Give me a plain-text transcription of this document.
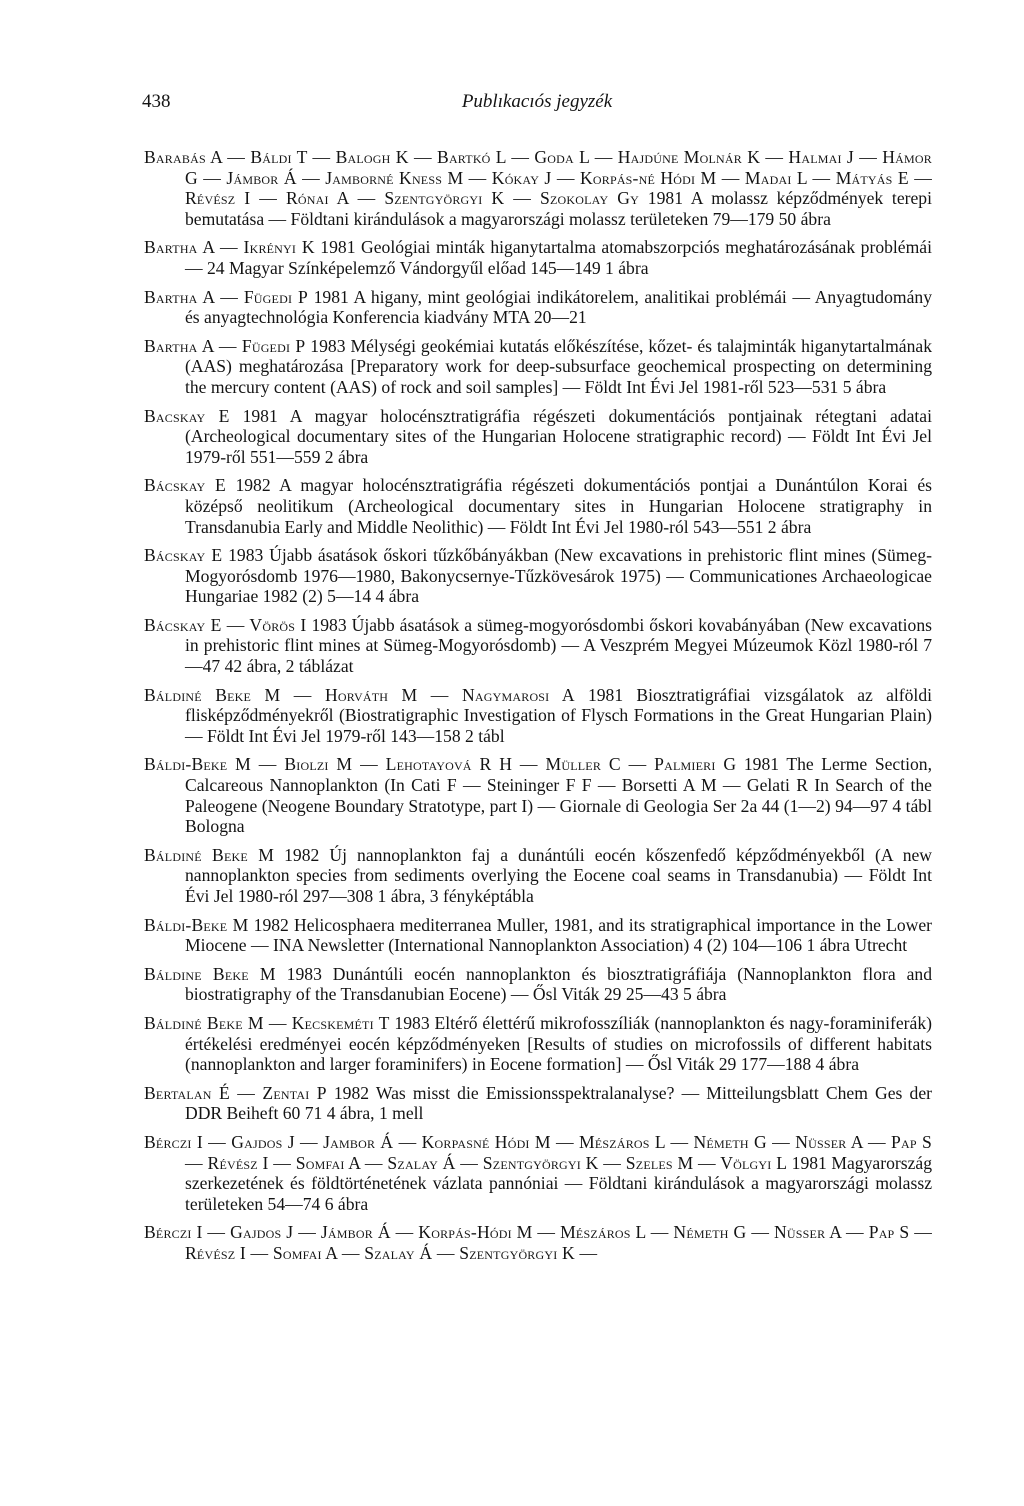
438	Publıkacıós jegyzék

Barabás A — Báldi T — Balogh K — Bartkó L — Goda L — Hajdúne Molnár K — Halmai J — Hámor G — Jámbor Á — Jamborné Kness M — Kókay J — Korpás-né Hódi M — Madai L — Mátyás E — Révész I — Rónai A — Szentgyörgyi K — Szokolay Gy 1981 A molassz képződmények terepi bemutatása — Földtani kirándulások a magyarországi molassz területeken 79—179 50 ábra

Bartha A — Ikrényi K 1981 Geológiai minták higanytartalma atomabszorpciós meghatározásának problémái — 24 Magyar Színképelemző Vándorgyűl előad 145—149 1 ábra

Bartha A — Fügedi P 1981 A higany, mint geológiai indikátorelem, analitikai problémái — Anyagtudomány és anyagtechnológia Konferencia kiadvány MTA 20—21

Bartha A — Fügedi P 1983 Mélységi geokémiai kutatás előkészítése, kőzet- és talajminták higanytartalmának (AAS) meghatározása [Preparatory work for deep-subsurface geochemical prospecting on determining the mercury content (AAS) of rock and soil samples] — Földt Int Évi Jel 1981-ről 523—531 5 ábra

Bacskay E 1981 A magyar holocénsztratigráfia régészeti dokumentációs pontjainak rétegtani adatai (Archeological documentary sites of the Hungarian Holocene stratigraphic record) — Földt Int Évi Jel 1979-ről 551—559 2 ábra

Bácskay E 1982 A magyar holocénsztratigráfia régészeti dokumentációs pontjai a Dunántúlon Korai és középső neolitikum (Archeological documentary sites in Hungarian Holocene stratigraphy in Transdanubia Early and Middle Neolithic) — Földt Int Évi Jel 1980-ról 543—551 2 ábra

Bácskay E 1983 Újabb ásatások őskori tűzkőbányákban (New excavations in prehistoric flint mines (Sümeg-Mogyorósdomb 1976—1980, Bakonycsernye-Tűzkövesárok 1975) — Communicationes Archaeologicae Hungariae 1982 (2) 5—14 4 ábra

Bácskay E — Vörös I 1983 Újabb ásatások a sümeg-mogyorósdombi őskori kovabányában (New excavations in prehistoric flint mines at Sümeg-Mogyorósdomb) — A Veszprém Megyei Múzeumok Közl 1980-ról 7—47 42 ábra, 2 táblázat

Báldiné Beke M — Horváth M — Nagymarosi A 1981 Biosztratigráfiai vizsgálatok az alföldi flisképződményekről (Biostratigraphic Investigation of Flysch Formations in the Great Hungarian Plain) — Földt Int Évi Jel 1979-ről 143—158 2 tábl

Báldi-Beke M — Biolzi M — Lehotayová R H — Müller C — Palmieri G 1981 The Lerme Section, Calcareous Nannoplankton (In Cati F — Steininger F F — Borsetti A M — Gelati R In Search of the Paleogene (Neogene Boundary Stratotype, part I) — Giornale di Geologia Ser 2a 44 (1—2) 94—97 4 tábl Bologna

Báldiné Beke M 1982 Új nannoplankton faj a dunántúli eocén kőszenfedő képződményekből (A new nannoplankton species from sediments overlying the Eocene coal seams in Transdanubia) — Földt Int Évi Jel 1980-ról 297—308 1 ábra, 3 fényképtábla

Báldi-Beke M 1982 Helicosphaera mediterranea Muller, 1981, and its stratigraphical importance in the Lower Miocene — INA Newsletter (International Nannoplankton Association) 4 (2) 104—106 1 ábra Utrecht

Báldine Beke M 1983 Dunántúli eocén nannoplankton és biosztratigráfiája (Nannoplankton flora and biostratigraphy of the Transdanubian Eocene) — Ősl Viták 29 25—43 5 ábra

Báldiné Beke M — Kecskeméti T 1983 Eltérő élettérű mikrofosszíliák (nannoplankton és nagy-foraminiferák) értékelési eredményei eocén képződményeken [Results of studies on microfossils of different habitats (nannoplankton and larger foraminifers) in Eocene formation] — Ősl Viták 29 177—188 4 ábra

Bertalan É — Zentai P 1982 Was misst die Emissionsspektralanalyse? — Mitteilungsblatt Chem Ges der DDR Beiheft 60 71 4 ábra, 1 mell

Bérczi I — Gajdos J — Jambor Á — Korpasné Hódi M — Mészáros L — Németh G — Nüsser A — Pap S — Révész I — Somfai A — Szalay Á — Szentgyörgyi K — Szeles M — Völgyi L 1981 Magyarország szerkezetének és földtörténetének vázlata pannóniai — Földtani kirándulások a magyarországi molassz területeken 54—74 6 ábra

Bérczi I — Gajdos J — Jámbor Á — Korpás-Hódi M — Mészáros L — Németh G — Nüsser A — Pap S — Révész I — Somfai A — Szalay Á — Szentgyörgyi K —
